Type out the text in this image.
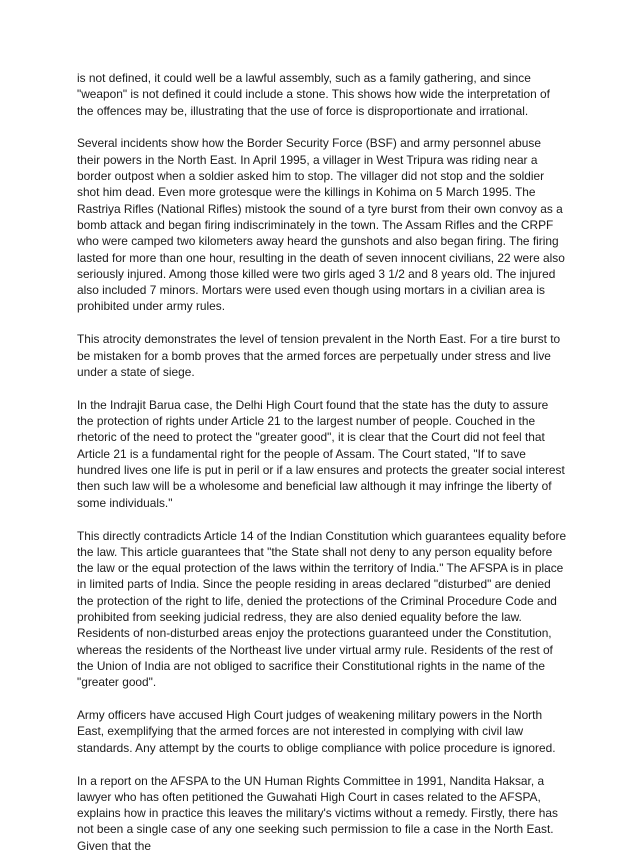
is not defined, it could well be a lawful assembly, such as a family gathering, and since "weapon" is not defined it could include a stone. This shows how wide the interpretation of the offences may be, illustrating that the use of force is disproportionate and irrational.

Several incidents show how the Border Security Force (BSF) and army personnel abuse their powers in the North East. In April 1995, a villager in West Tripura was riding near a border outpost when a soldier asked him to stop. The villager did not stop and the soldier shot him dead. Even more grotesque were the killings in Kohima on 5 March 1995. The Rastriya Rifles (National Rifles) mistook the sound of a tyre burst from their own convoy as a bomb attack and began firing indiscriminately in the town. The Assam Rifles and the CRPF who were camped two kilometers away heard the gunshots and also began firing. The firing lasted for more than one hour, resulting in the death of seven innocent civilians, 22 were also seriously injured. Among those killed were two girls aged 3 1/2 and 8 years old. The injured also included 7 minors. Mortars were used even though using mortars in a civilian area is prohibited under army rules.

This atrocity demonstrates the level of tension prevalent in the North East. For a tire burst to be mistaken for a bomb proves that the armed forces are perpetually under stress and live under a state of siege.

In the Indrajit Barua case, the Delhi High Court found that the state has the duty to assure the protection of rights under Article 21 to the largest number of people. Couched in the rhetoric of the need to protect the "greater good", it is clear that the Court did not feel that Article 21 is a fundamental right for the people of Assam. The Court stated, "If to save hundred lives one life is put in peril or if a law ensures and protects the greater social interest then such law will be a wholesome and beneficial law although it may infringe the liberty of some individuals."

This directly contradicts Article 14 of the Indian Constitution which guarantees equality before the law. This article guarantees that "the State shall not deny to any person equality before the law or the equal protection of the laws within the territory of India." The AFSPA is in place in limited parts of India. Since the people residing in areas declared "disturbed" are denied the protection of the right to life, denied the protections of the Criminal Procedure Code and prohibited from seeking judicial redress, they are also denied equality before the law. Residents of non-disturbed areas enjoy the protections guaranteed under the Constitution, whereas the residents of the Northeast live under virtual army rule. Residents of the rest of the Union of India are not obliged to sacrifice their Constitutional rights in the name of the "greater good".

Army officers have accused High Court judges of weakening military powers in the North East, exemplifying that the armed forces are not interested in complying with civil law standards. Any attempt by the courts to oblige compliance with police procedure is ignored.

In a report on the AFSPA to the UN Human Rights Committee in 1991, Nandita Haksar, a lawyer who has often petitioned the Guwahati High Court in cases related to the AFSPA, explains how in practice this leaves the military's victims without a remedy. Firstly, there has not been a single case of any one seeking such permission to file a case in the North East. Given that the
